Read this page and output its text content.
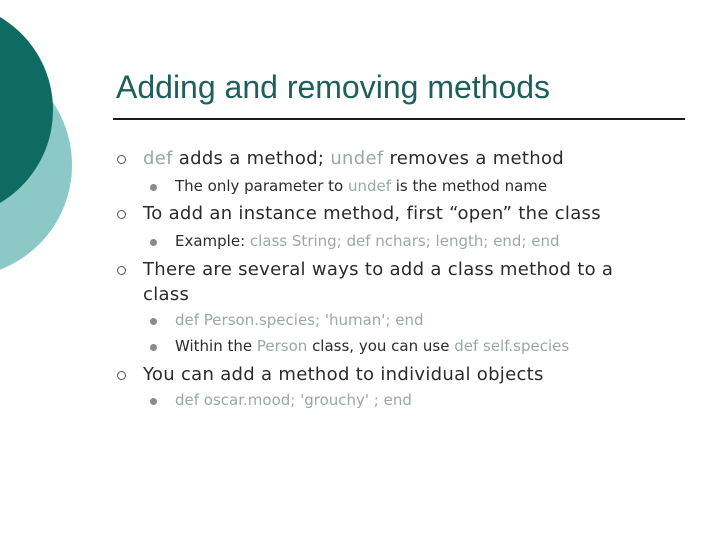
Adding and removing methods
def adds a method; undef removes a method
The only parameter to undef is the method name
To add an instance method, first “open” the class
Example: class String; def nchars; length; end; end
There are several ways to add a class method to a
class
def Person.species; 'human'; end
Within the Person class, you can use def self.species
You can add a method to individual objects
def oscar.mood; 'grouchy' ; end
